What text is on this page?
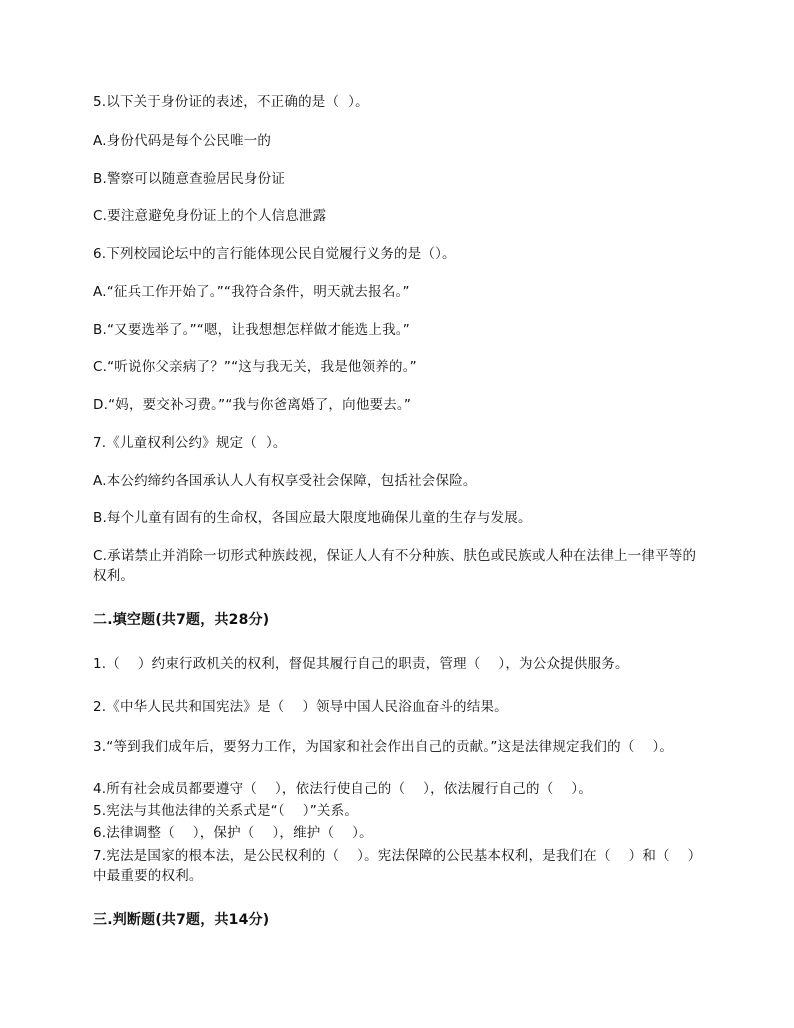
5.以下关于身份证的表述，不正确的是（  ）。
A.身份代码是每个公民唯一的
B.警察可以随意查验居民身份证
C.要注意避免身份证上的个人信息泄露
6.下列校园论坛中的言行能体现公民自觉履行义务的是（）。
A.“征兵工作开始了。”“我符合条件，明天就去报名。”
B.“又要选举了。”“嗯，让我想想怎样做才能选上我。”
C.“听说你父亲病了？”“这与我无关，我是他领养的。”
D.“妈，要交补习费。”“我与你爸离婚了，向他要去。”
7.《儿童权利公约》规定（  ）。
A.本公约缔约各国承认人人有权享受社会保障，包括社会保险。
B.每个儿童有固有的生命权，各国应最大限度地确保儿童的生存与发展。
C.承诺禁止并消除一切形式种族歧视，保证人人有不分种族、肤色或民族或人种在法律上一律平等的权利。
二.填空题(共7题，共28分)
1.（    ）约束行政机关的权利，督促其履行自己的职责，管理（    ），为公众提供服务。
2.《中华人民共和国宪法》是（    ）领导中国人民浴血奋斗的结果。
3.“等到我们成年后，要努力工作，为国家和社会作出自己的贡献。”这是法律规定我们的（    ）。
4.所有社会成员都要遵守（    ），依法行使自己的（    ），依法履行自己的（    ）。
5.宪法与其他法律的关系式是“（    ）”关系。
6.法律调整（    ），保护（    ），维护（    ）。
7.宪法是国家的根本法，是公民权利的（    ）。宪法保障的公民基本权利，是我们在（    ）和（    ）中最重要的权利。
三.判断题(共7题，共14分)
